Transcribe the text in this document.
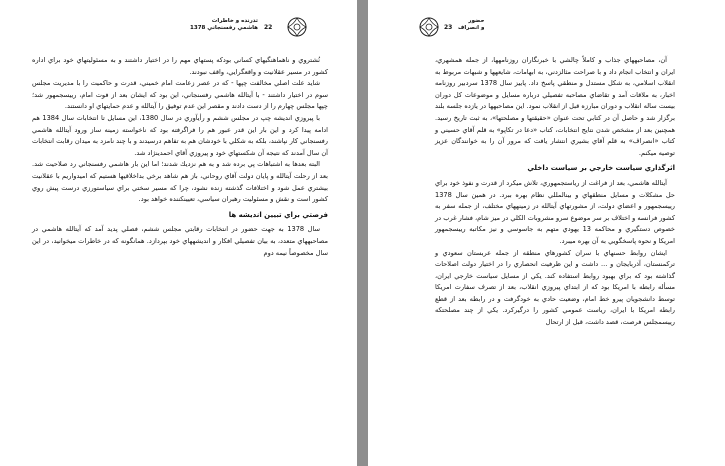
22
تذرنده و خاطرات
هاشمي رفسنجاني 1378

نُشتروي و ناهماهنگيهاي كساني بودكه پستهاي مهم را در اختيار داشتند و به مسئوليتهاي خود براي اداره كشور در مسير عقلانيت و واقعگرايي، واقف نبودند.

شايد علت اصلي مخالفت چپها - كه در عصر زعامت امام خميني، قدرت و حاكميت را با مديريت مجلس سوم در اختيار داشتند - با آيتالله هاشمي رفسنجاني، اين بود كه ايشان بعد از فوت امام، رييسجمهور شد؛ چپها مجلس چهارم را از دست دادند و مقصر اين عدم توفيق را آيتالله و عدم حمايتهاي او دانستند.

با پيروزي انديشه چپ در مجلس ششم و رأيآوري در سال 1380، اين مسايل تا انتخابات سال 1384 هم ادامه پيدا كرد و اين بار اين قدر عبور هم را فراگرفته بود كه ناخواسته زمينه ساز ورود آيتالله هاشمي رفسنجاني كار نپاشند، بلكه به شكلي با خودشان هم به تفاهم درسيدند و با چند نامزد به ميدان رقابت انتخابات آن سال آمدند كه نتيجه آن شكستهاي خود و پيروزي آقاي احمدينژاد شد.

البته بعدها به اشتباهات پي برده شد و به هم نزديك شدند؛ اما اين بار هاشمي رفسنجاني رد صلاحيت شد. بعد از رحلت آيتالله و پايان دولت آقاي روحاني، باز هم شاهد برخي بداخلاقيها هستيم كه اميدواريم با عقلانيت بيشتري عمل شود و اختلافات گذشته زنده نشود، چرا كه مسير سختي براي سياستورزي درست پيش روي كشور است و نقش و مسئوليت رهبران سياسي، تعيينكننده خواهد بود.

فرصتي براي تبيين انديشه ها

سال 1378 به جهت حضور در انتخابات رقابتي مجلس ششم، فصلي پديد آمد كه آيتالله هاشمي در مصاحبههاي متعدد، به بيان تفصيلي افكار و انديشههاي خود بپردازد. همانگونه كه در خاطرات ميخوانيد، در اين سال مخصوصاً نيمه دوم

23
حضور
و انصراف

آن، مصاحبههاي جذاب و كاملاً چالشي با خبرنگاران روزنامهها، از جمله همشهري، ايران و انتخاب انجام داد و با صراحت مثالزدني، به ابهامات، شايعهها و شبهات مربوط به انقلاب اسلامي، به شكل مستدل و منطقي پاسخ داد. پاييز سال 1378 سردبير روزنامه اخبار، به ملاقات آمد و تقاضاي مصاحبه تفصيلي درباره مسايل و موضوعات كل دوران بيست ساله انقلاب و دوران مبارزه قبل از انقلاب نمود. اين مصاحبهها در يازده جلسه بلند برگزار شد و حاصل آن در كتابي تحت عنوان «حقيقتها و مصلحتها»، به ثبت تاريخ رسيد. همچنين بعد از مشخص شدن نتايج انتخابات، كتاب «دعا در تكاپو» به قلم آقاي حسيني و كتاب «انصراف» به قلم آقاي بشيري انتشار يافت كه مرور آن را به خوانندگان عزيز توصيه ميكنم.

اثرگذاري سياست خارجي بر سياست داخلي

آيتالله هاشمي، بعد از فراغت از رياستجمهوري، تلاش ميكرد از قدرت و نفوذ خود براي حل مشكلات و مسايل منطقهاي و بينالمللي نظام بهره ببرد. در همين سال 1378 رييسجمهور و اعضاي دولت، از مشورتهاي آيتالله در زمينههاي مختلف، از جمله سفر به كشور فرانسه و اختلاف بر سر موضوع سرو مشروبات الكلي در ميز شام، فشار غرب در خصوص دستگيري و محاكمه 13 يهودي متهم به جاسوسي و نيز مكاتبه رييسجمهور امريكا و نحوه پاسخگويي به آن بهره ميبرد.

ايشان روابط حسنهاي با سران كشورهاي منطقه از جمله عربستان سعودي و تركمنستان، آذربايجان و ... داشت و اين ظرفيت انحصاري را در اختيار دولت اصلاحات گذاشته بود كه براي بهبود روابط استفاده كند. يكي از مسايل سياست خارجي ايران، مسأله رابطه با امريكا بود كه از ابتداي پيروزي انقلاب، بعد از تصرف سفارت امريكا توسط دانشجويان پيرو خط امام، وضعيت حادي به خودگرفت و در رابطه بعد از قطع رابطه امريكا با ايران، رياست عمومي كشور را درگيركرد. يكي از چند مصلحتكه رييسمجلس فرصت، قصد داشت، قبل از ارتحال
